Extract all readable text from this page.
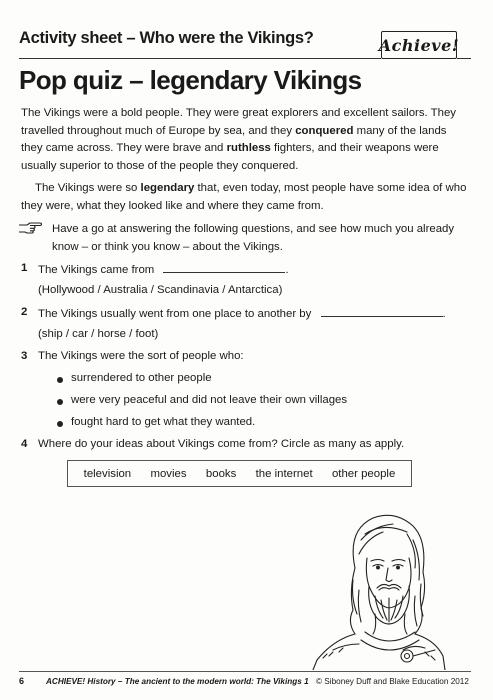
Activity sheet – Who were the Vikings?	Achieve!
Pop quiz – legendary Vikings

The Vikings were a bold people. They were great explorers and excellent sailors. They travelled throughout much of Europe by sea, and they conquered many of the lands they came across. They were brave and ruthless fighters, and their weapons were usually superior to those of the people they conquered.

The Vikings were so legendary that, even today, most people have some idea of who they were, what they looked like and where they came from.

Have a go at answering the following questions, and see how much you already know – or think you know – about the Vikings.

1 The Vikings came from	.
(Hollywood / Australia / Scandinavia / Antarctica)
2 The Vikings usually went from one place to another by	.
(ship / car / horse / foot)
3 The Vikings were the sort of people who:
surrendered to other people
were very peaceful and did not leave their own villages
fought hard to get what they wanted.
4 Where do your ideas about Vikings come from? Circle as many as apply.
television movies books the internet other people
6	ACHIEVE! History – The ancient to the modern world: The Vikings 1 © Siboney Duff and Blake Education 2012
